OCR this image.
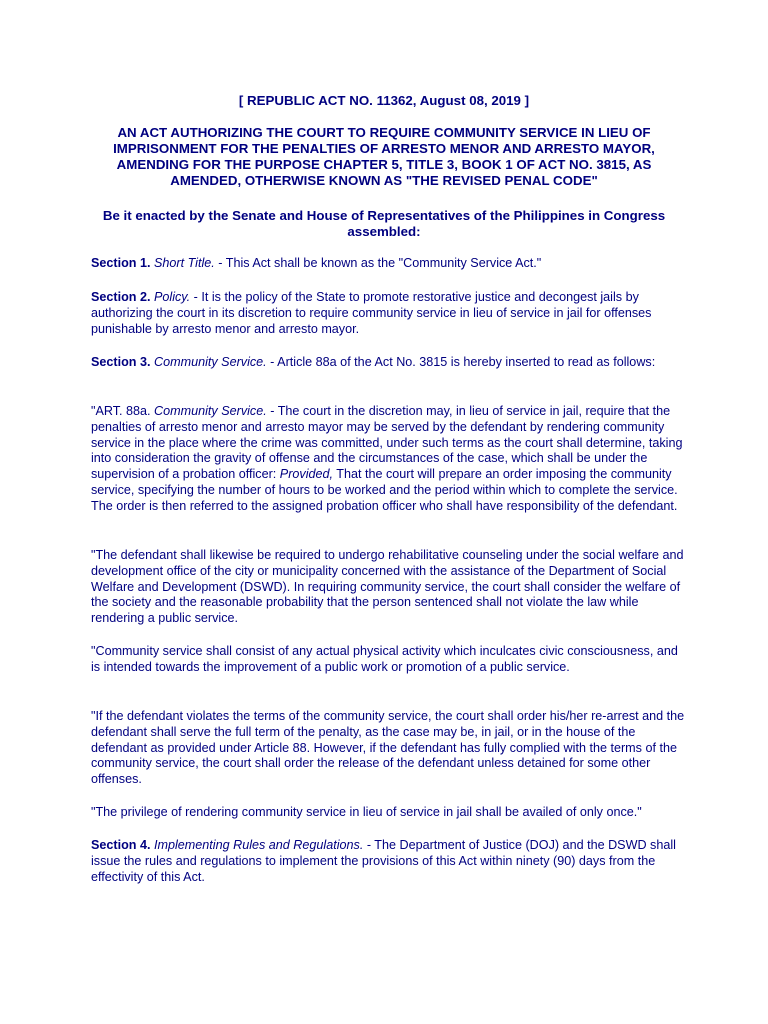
[ REPUBLIC ACT NO. 11362, August 08, 2019 ]
AN ACT AUTHORIZING THE COURT TO REQUIRE COMMUNITY SERVICE IN LIEU OF IMPRISONMENT FOR THE PENALTIES OF ARRESTO MENOR AND ARRESTO MAYOR, AMENDING FOR THE PURPOSE CHAPTER 5, TITLE 3, BOOK 1 OF ACT NO. 3815, AS AMENDED, OTHERWISE KNOWN AS "THE REVISED PENAL CODE"

Be it enacted by the Senate and House of Representatives of the Philippines in Congress assembled:

Section 1. Short Title. - This Act shall be known as the "Community Service Act."

Section 2. Policy. - It is the policy of the State to promote restorative justice and decongest jails by authorizing the court in its discretion to require community service in lieu of service in jail for offenses punishable by arresto menor and arresto mayor.

Section 3. Community Service. - Article 88a of the Act No. 3815 is hereby inserted to read as follows:

"ART. 88a. Community Service. - The court in the discretion may, in lieu of service in jail, require that the penalties of arresto menor and arresto mayor may be served by the defendant by rendering community service in the place where the crime was committed, under such terms as the court shall determine, taking into consideration the gravity of offense and the circumstances of the case, which shall be under the supervision of a probation officer: Provided, That the court will prepare an order imposing the community service, specifying the number of hours to be worked and the period within which to complete the service. The order is then referred to the assigned probation officer who shall have responsibility of the defendant.

"The defendant shall likewise be required to undergo rehabilitative counseling under the social welfare and development office of the city or municipality concerned with the assistance of the Department of Social Welfare and Development (DSWD). In requiring community service, the court shall consider the welfare of the society and the reasonable probability that the person sentenced shall not violate the law while rendering a public service.

"Community service shall consist of any actual physical activity which inculcates civic consciousness, and is intended towards the improvement of a public work or promotion of a public service.

"If the defendant violates the terms of the community service, the court shall order his/her re-arrest and the defendant shall serve the full term of the penalty, as the case may be, in jail, or in the house of the defendant as provided under Article 88. However, if the defendant has fully complied with the terms of the community service, the court shall order the release of the defendant unless detained for some other offenses.

"The privilege of rendering community service in lieu of service in jail shall be availed of only once."

Section 4. Implementing Rules and Regulations. - The Department of Justice (DOJ) and the DSWD shall issue the rules and regulations to implement the provisions of this Act within ninety (90) days from the effectivity of this Act.
